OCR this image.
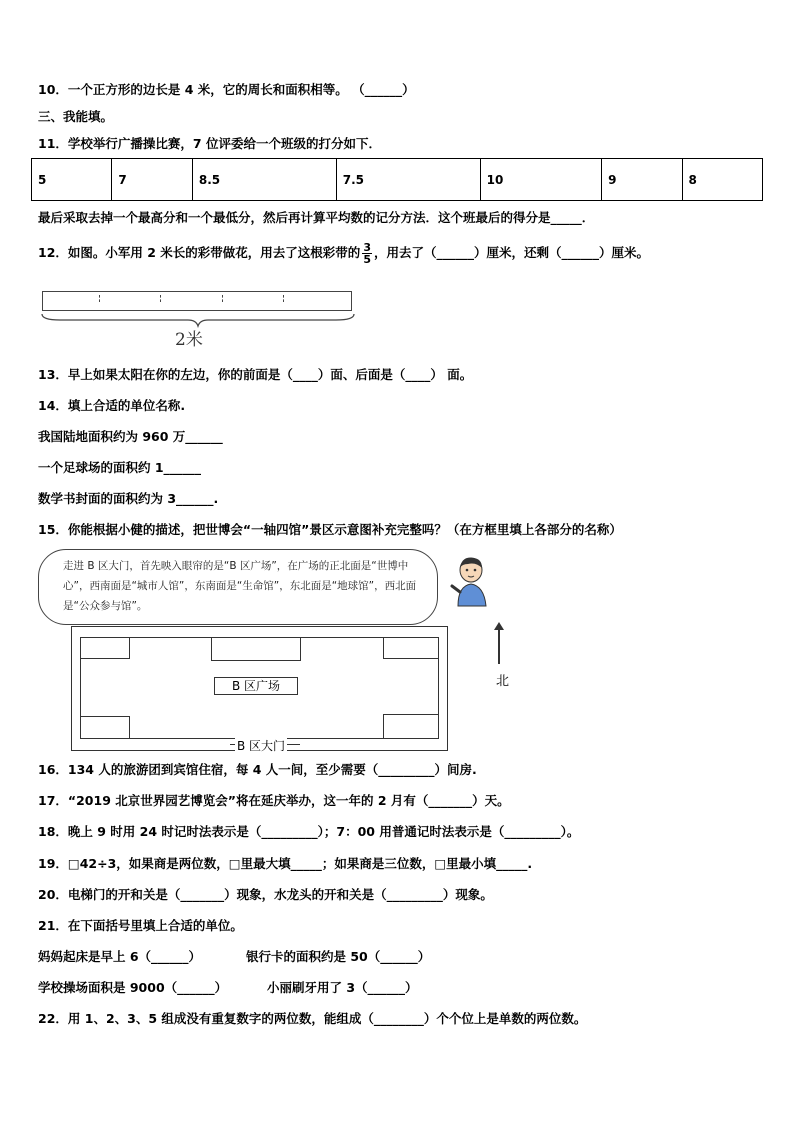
10．一个正方形的边长是 4 米，它的周长和面积相等。 （______）
三、我能填。
11．学校举行广播操比赛，7 位评委给一个班级的打分如下．
5	7	8.5	7.5	10	9	8
最后采取去掉一个最高分和一个最低分，然后再计算平均数的记分方法．这个班最后的得分是_____．
12．如图。小军用 2 米长的彩带做花，用去了这根彩带的 $\frac{3}{5}$ ，用去了（______）厘米，还剩（______）厘米。
2米
13．早上如果太阳在你的左边，你的前面是（____）面、后面是（____） 面。
14．填上合适的单位名称.
我国陆地面积约为 960 万______
一个足球场的面积约 1______
数学书封面的面积约为 3______.
15．你能根据小健的描述，把世博会“一轴四馆”景区示意图补充完整吗？（在方框里填上各部分的名称）
走进 B 区大门，首先映入眼帘的是“B 区广场”，在广场的正北面是“世博中心”，西南面是“城市人馆”，东南面是“生命馆”，东北面是“地球馆”，西北面是“公众参与馆”。
B 区广场
B 区大门
北
16．134 人的旅游团到宾馆住宿，每 4 人一间，至少需要（_________）间房.
17．“2019 北京世界园艺博览会”将在延庆举办，这一年的 2 月有（_______）天。
18．晚上 9 时用 24 时记时法表示是（_________）；7：00 用普通记时法表示是（_________）。
19．□42÷3，如果商是两位数，□里最大填_____；如果商是三位数，□里最小填_____.
20．电梯门的开和关是（_______）现象，水龙头的开和关是（_________）现象。
21．在下面括号里填上合适的单位。
妈妈起床是早上 6（______）	银行卡的面积约是 50（______）
学校操场面积是 9000（______）	小丽刷牙用了 3（______）
22．用 1、2、3、5 组成没有重复数字的两位数，能组成（________）个个位上是单数的两位数。
